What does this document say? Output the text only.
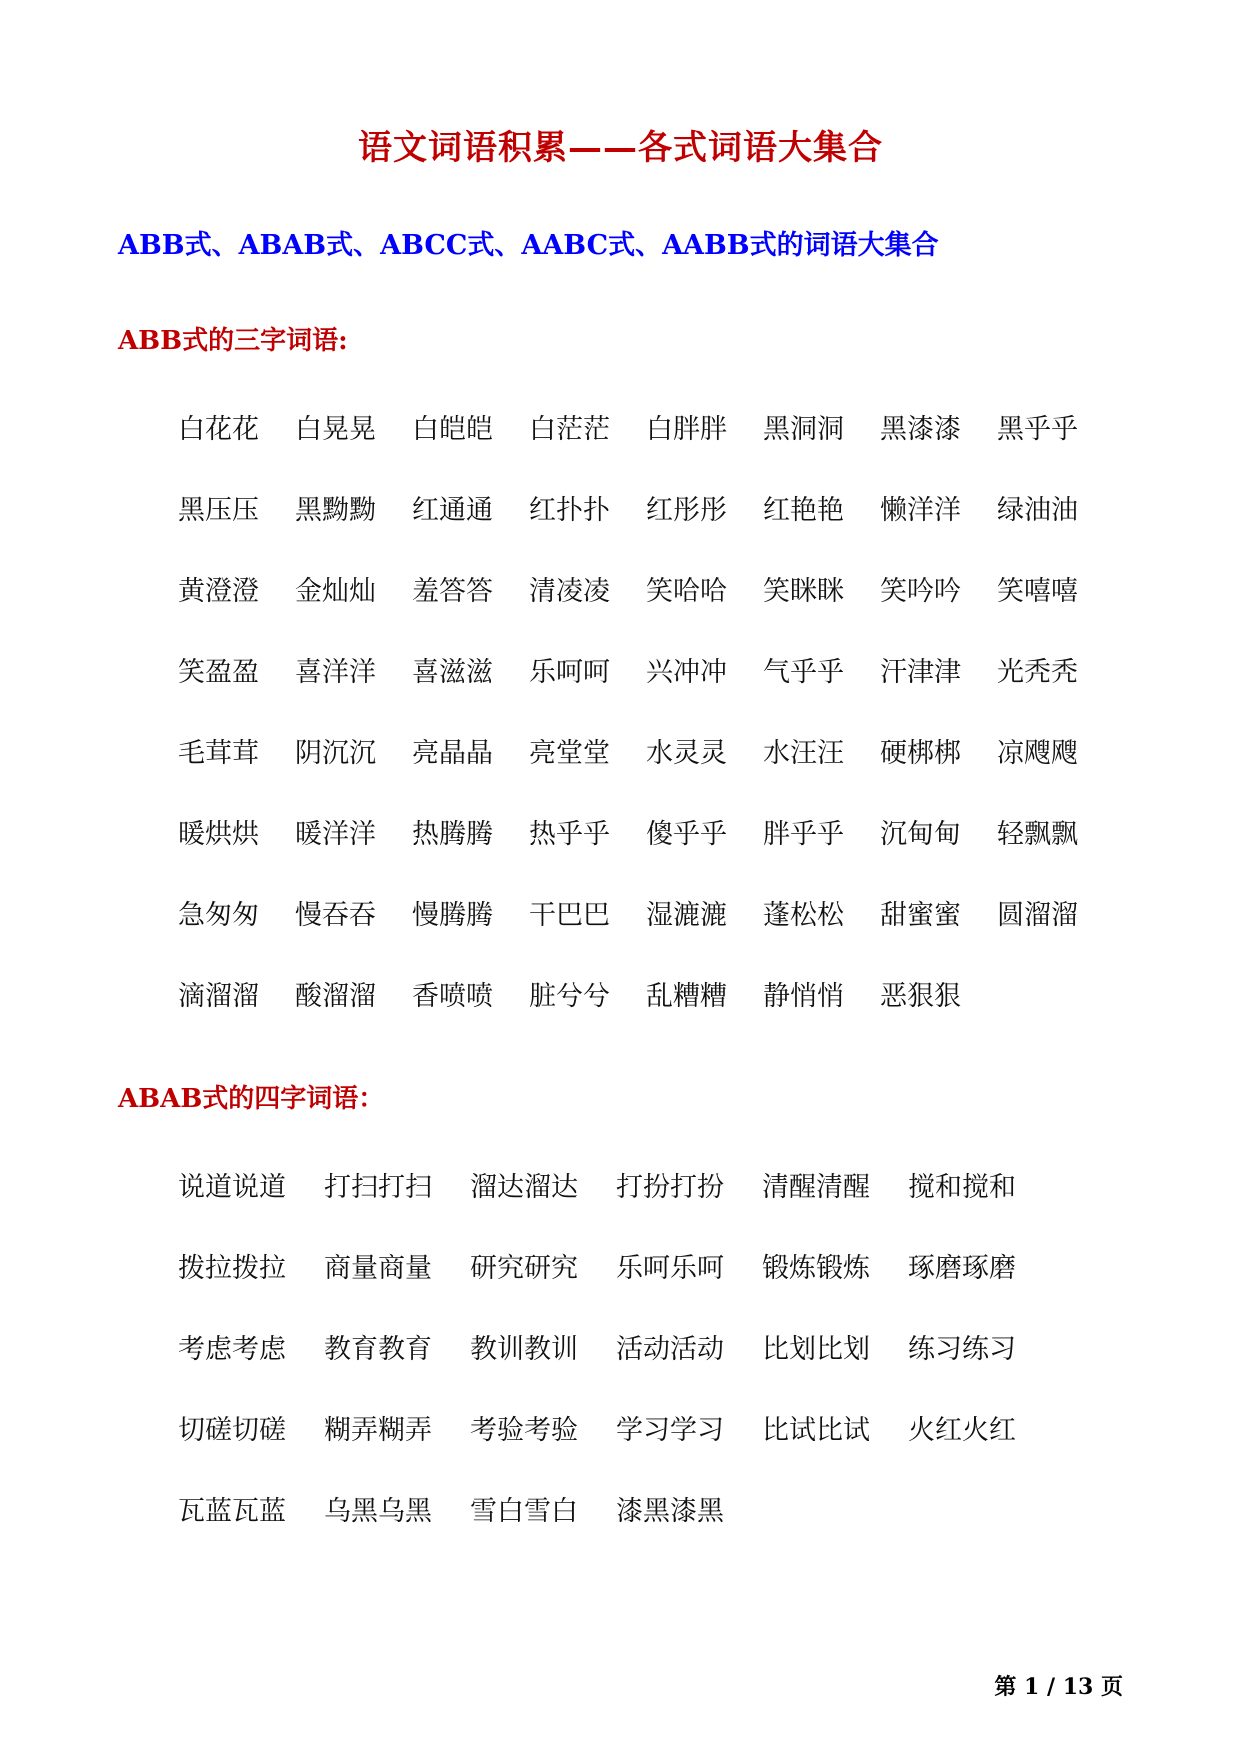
语文词语积累——各式词语大集合
ABB式、ABAB式、ABCC式、AABC式、AABB式的词语大集合
ABB式的三字词语:
白花花 白晃晃 白皑皑 白茫茫 白胖胖 黑洞洞 黑漆漆 黑乎乎
黑压压 黑黝黝 红通通 红扑扑 红彤彤 红艳艳 懒洋洋 绿油油
黄澄澄 金灿灿 羞答答 清凌凌 笑哈哈 笑眯眯 笑吟吟 笑嘻嘻
笑盈盈 喜洋洋 喜滋滋 乐呵呵 兴冲冲 气乎乎 汗津津 光秃秃
毛茸茸 阴沉沉 亮晶晶 亮堂堂 水灵灵 水汪汪 硬梆梆 凉飕飕
暖烘烘 暖洋洋 热腾腾 热乎乎 傻乎乎 胖乎乎 沉甸甸 轻飘飘
急匆匆 慢吞吞 慢腾腾 干巴巴 湿漉漉 蓬松松 甜蜜蜜 圆溜溜
滴溜溜 酸溜溜 香喷喷 脏兮兮 乱糟糟 静悄悄 恶狠狠
ABAB式的四字词语：
说道说道 打扫打扫 溜达溜达 打扮打扮 清醒清醒 搅和搅和
拨拉拨拉 商量商量 研究研究 乐呵乐呵 锻炼锻炼 琢磨琢磨
考虑考虑 教育教育 教训教训 活动活动 比划比划 练习练习
切磋切磋 糊弄糊弄 考验考验 学习学习 比试比试 火红火红
瓦蓝瓦蓝 乌黑乌黑 雪白雪白 漆黑漆黑
第 1 / 13 页
